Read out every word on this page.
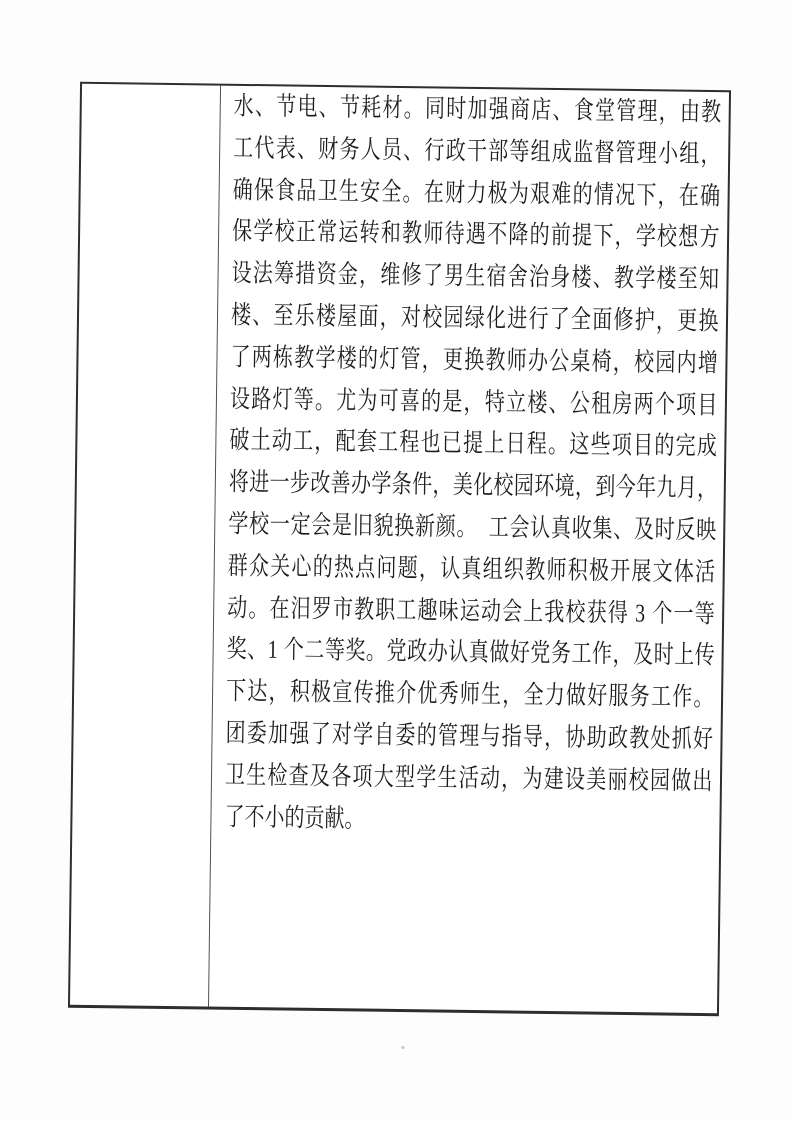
水、节电、节耗材。同时加强商店、食堂管理，由教
工代表、财务人员、行政干部等组成监督管理小组，
确保食品卫生安全。在财力极为艰难的情况下，在确
保学校正常运转和教师待遇不降的前提下，学校想方
设法筹措资金，维修了男生宿舍治身楼、教学楼至知
楼、至乐楼屋面，对校园绿化进行了全面修护，更换
了两栋教学楼的灯管，更换教师办公桌椅，校园内增
设路灯等。尤为可喜的是，特立楼、公租房两个项目
破土动工，配套工程也已提上日程。这些项目的完成
将进一步改善办学条件，美化校园环境，到今年九月，
学校一定会是旧貌换新颜。  工会认真收集、及时反映
群众关心的热点问题，认真组织教师积极开展文体活
动。在汨罗市教职工趣味运动会上我校获得 3 个一等
奖、1 个二等奖。党政办认真做好党务工作，及时上传
下达，积极宣传推介优秀师生，全力做好服务工作。
团委加强了对学自委的管理与指导，协助政教处抓好
卫生检查及各项大型学生活动，为建设美丽校园做出
了不小的贡献。
